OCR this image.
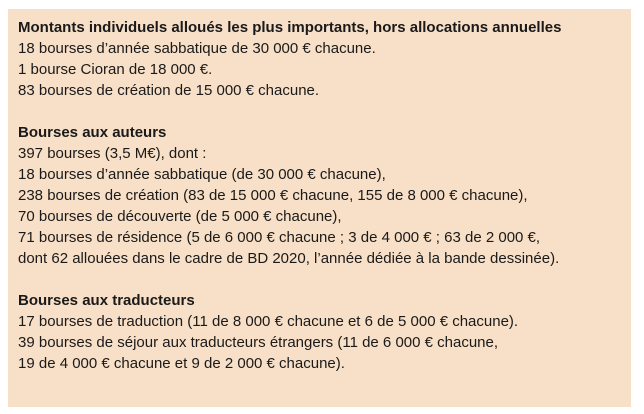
Montants individuels alloués les plus importants, hors allocations annuelles
18 bourses d’année sabbatique de 30 000 € chacune.
1 bourse Cioran de 18 000 €.
83 bourses de création de 15 000 € chacune.
Bourses aux auteurs
397 bourses (3,5 M€), dont :
18 bourses d’année sabbatique (de 30 000 € chacune),
238 bourses de création (83 de 15 000 € chacune, 155 de 8 000 € chacune),
70 bourses de découverte (de 5 000 € chacune),
71 bourses de résidence (5 de 6 000 € chacune ; 3 de 4 000 € ; 63 de 2 000 €,
dont 62 allouées dans le cadre de BD 2020, l’année dédiée à la bande dessinée).
Bourses aux traducteurs
17 bourses de traduction (11 de 8 000 € chacune et 6 de 5 000 € chacune).
39 bourses de séjour aux traducteurs étrangers (11 de 6 000 € chacune,
19 de 4 000 € chacune et 9 de 2 000 € chacune).
